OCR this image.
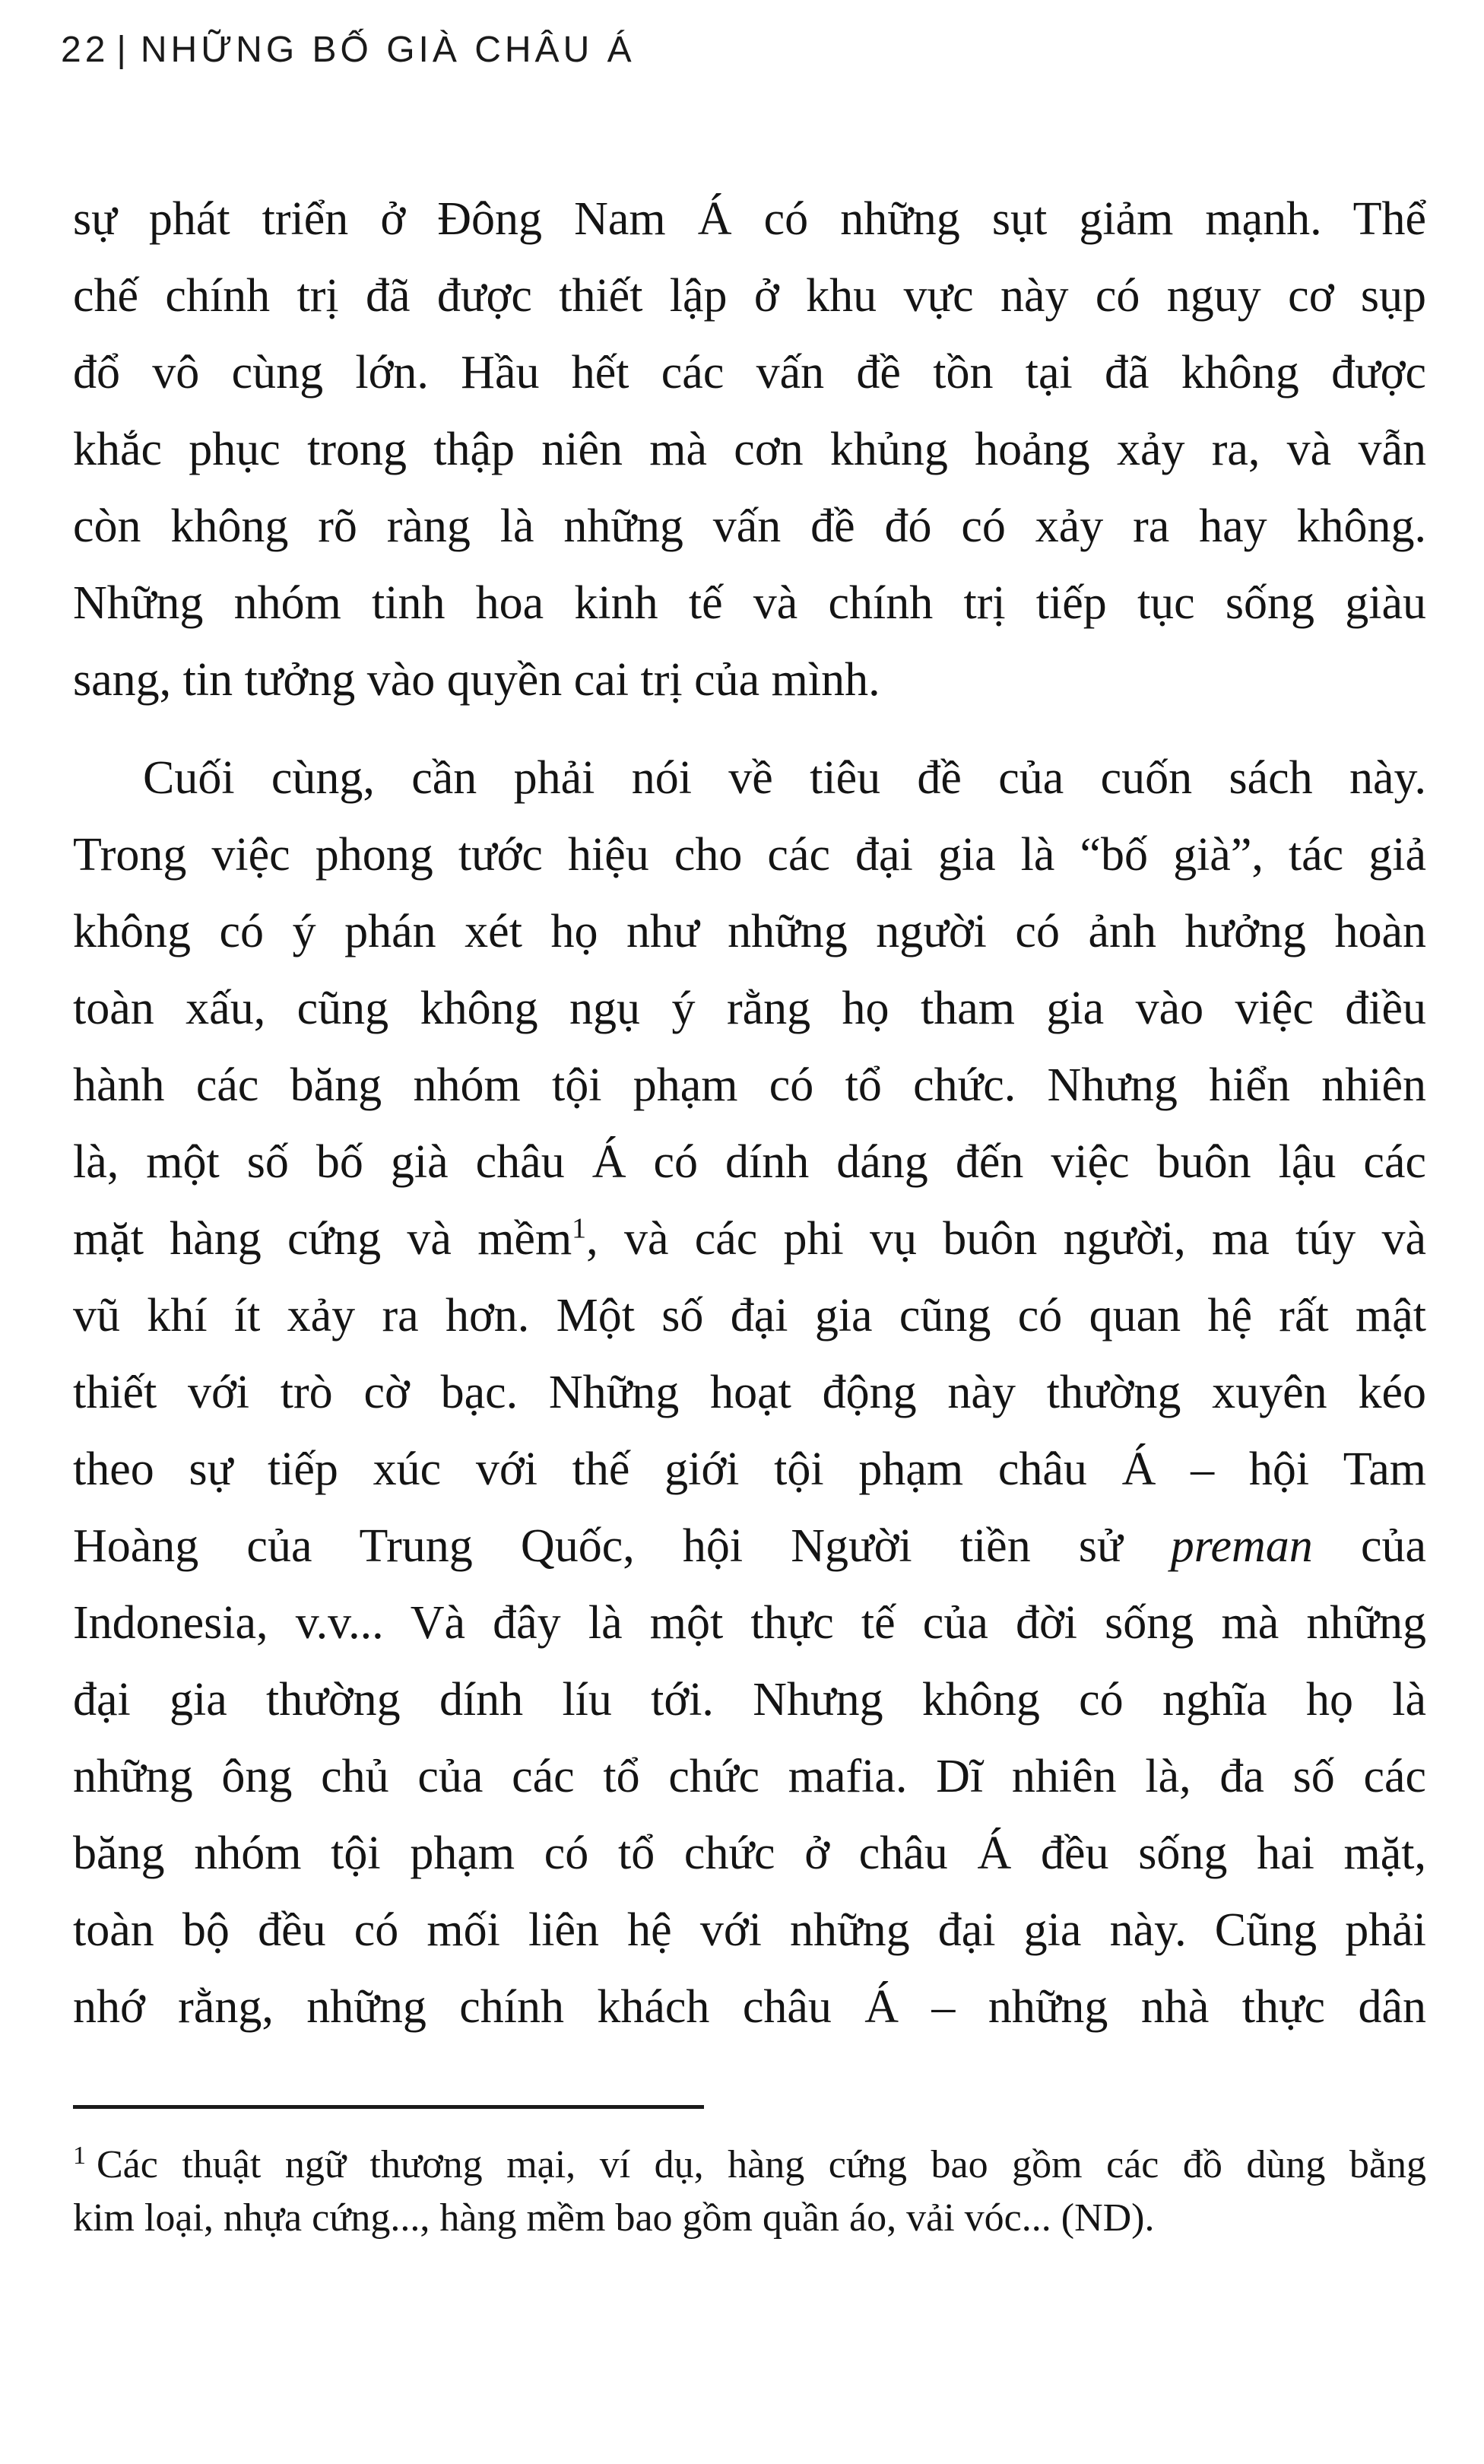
22 | NHỮNG BỐ GIÀ CHÂU Á

sự phát triển ở Đông Nam Á có những sụt giảm mạnh. Thể
chế chính trị đã được thiết lập ở khu vực này có nguy cơ sụp
đổ vô cùng lớn. Hầu hết các vấn đề tồn tại đã không được
khắc phục trong thập niên mà cơn khủng hoảng xảy ra, và vẫn
còn không rõ ràng là những vấn đề đó có xảy ra hay không.
Những nhóm tinh hoa kinh tế và chính trị tiếp tục sống giàu
sang, tin tưởng vào quyền cai trị của mình.

Cuối cùng, cần phải nói về tiêu đề của cuốn sách này.
Trong việc phong tước hiệu cho các đại gia là “bố già”, tác giả
không có ý phán xét họ như những người có ảnh hưởng hoàn
toàn xấu, cũng không ngụ ý rằng họ tham gia vào việc điều
hành các băng nhóm tội phạm có tổ chức. Nhưng hiển nhiên
là, một số bố già châu Á có dính dáng đến việc buôn lậu các
mặt hàng cứng và mềm$^1$, và các phi vụ buôn người, ma túy và
vũ khí ít xảy ra hơn. Một số đại gia cũng có quan hệ rất mật
thiết với trò cờ bạc. Những hoạt động này thường xuyên kéo
theo sự tiếp xúc với thế giới tội phạm châu Á – hội Tam
Hoàng của Trung Quốc, hội Người tiền sử preman của
Indonesia, v.v... Và đây là một thực tế của đời sống mà những
đại gia thường dính líu tới. Nhưng không có nghĩa họ là
những ông chủ của các tổ chức mafia. Dĩ nhiên là, đa số các
băng nhóm tội phạm có tổ chức ở châu Á đều sống hai mặt,
toàn bộ đều có mối liên hệ với những đại gia này. Cũng phải
nhớ rằng, những chính khách châu Á – những nhà thực dân

$^1$ Các thuật ngữ thương mại, ví dụ, hàng cứng bao gồm các đồ dùng bằng
kim loại, nhựa cứng..., hàng mềm bao gồm quần áo, vải vóc... (ND).
